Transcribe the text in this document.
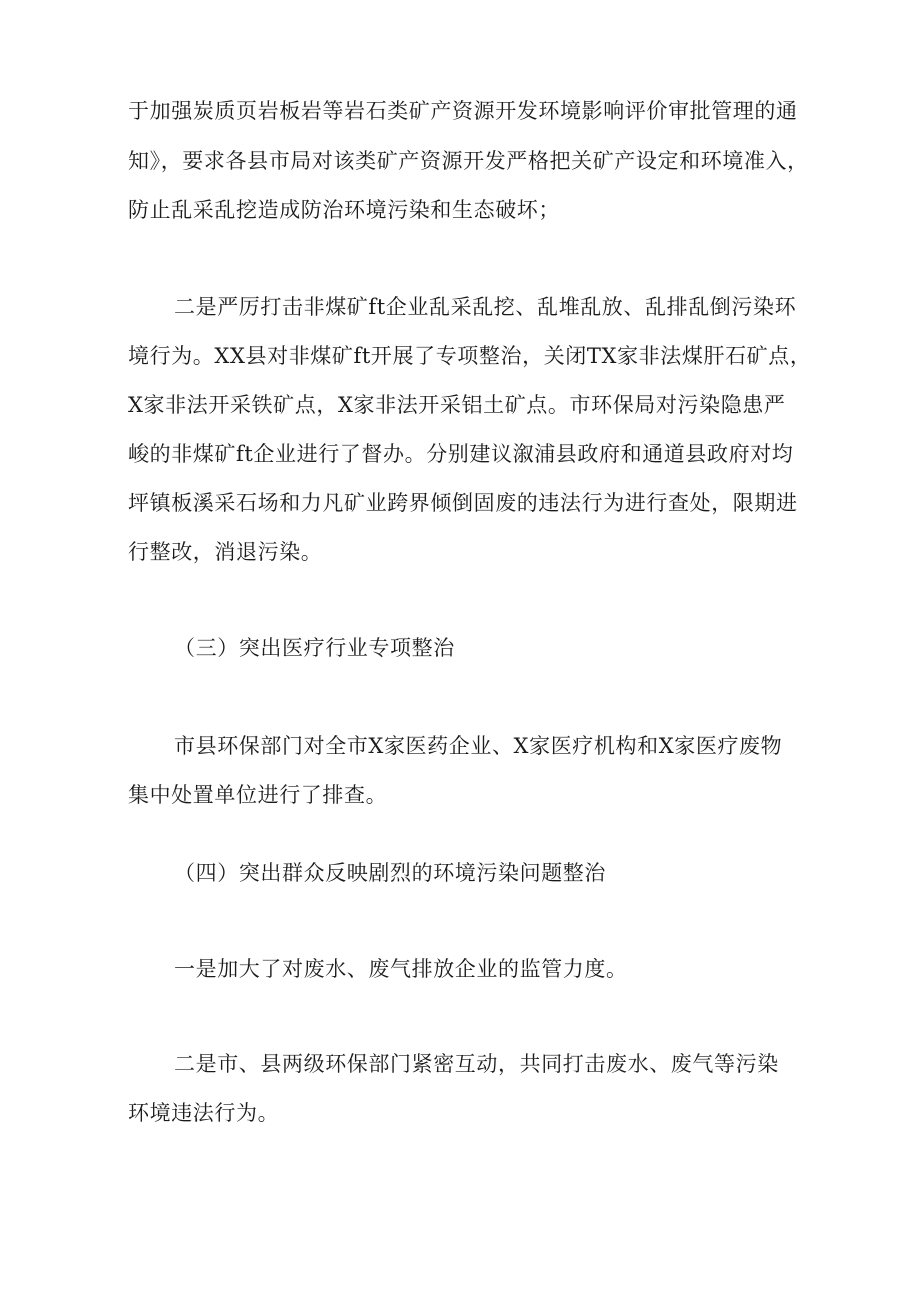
于加强炭质页岩板岩等岩石类矿产资源开发环境影响评价审批管理的通
知》，要求各县市局对该类矿产资源开发严格把关矿产设定和环境准入，
防止乱采乱挖造成防治环境污染和生态破坏；
二是严厉打击非煤矿ft企业乱采乱挖、乱堆乱放、乱排乱倒污染环
境行为。XX县对非煤矿ft开展了专项整治，关闭TX家非法煤肝石矿点，
X家非法开采铁矿点，X家非法开采铝土矿点。市环保局对污染隐患严
峻的非煤矿ft企业进行了督办。分别建议溆浦县政府和通道县政府对均
坪镇板溪采石场和力凡矿业跨界倾倒固废的违法行为进行查处，限期进
行整改，消退污染。
（三）突出医疗行业专项整治
市县环保部门对全市X家医药企业、X家医疗机构和X家医疗废物
集中处置单位进行了排查。
（四）突出群众反映剧烈的环境污染问题整治
一是加大了对废水、废气排放企业的监管力度。
二是市、县两级环保部门紧密互动，共同打击废水、废气等污染
环境违法行为。
